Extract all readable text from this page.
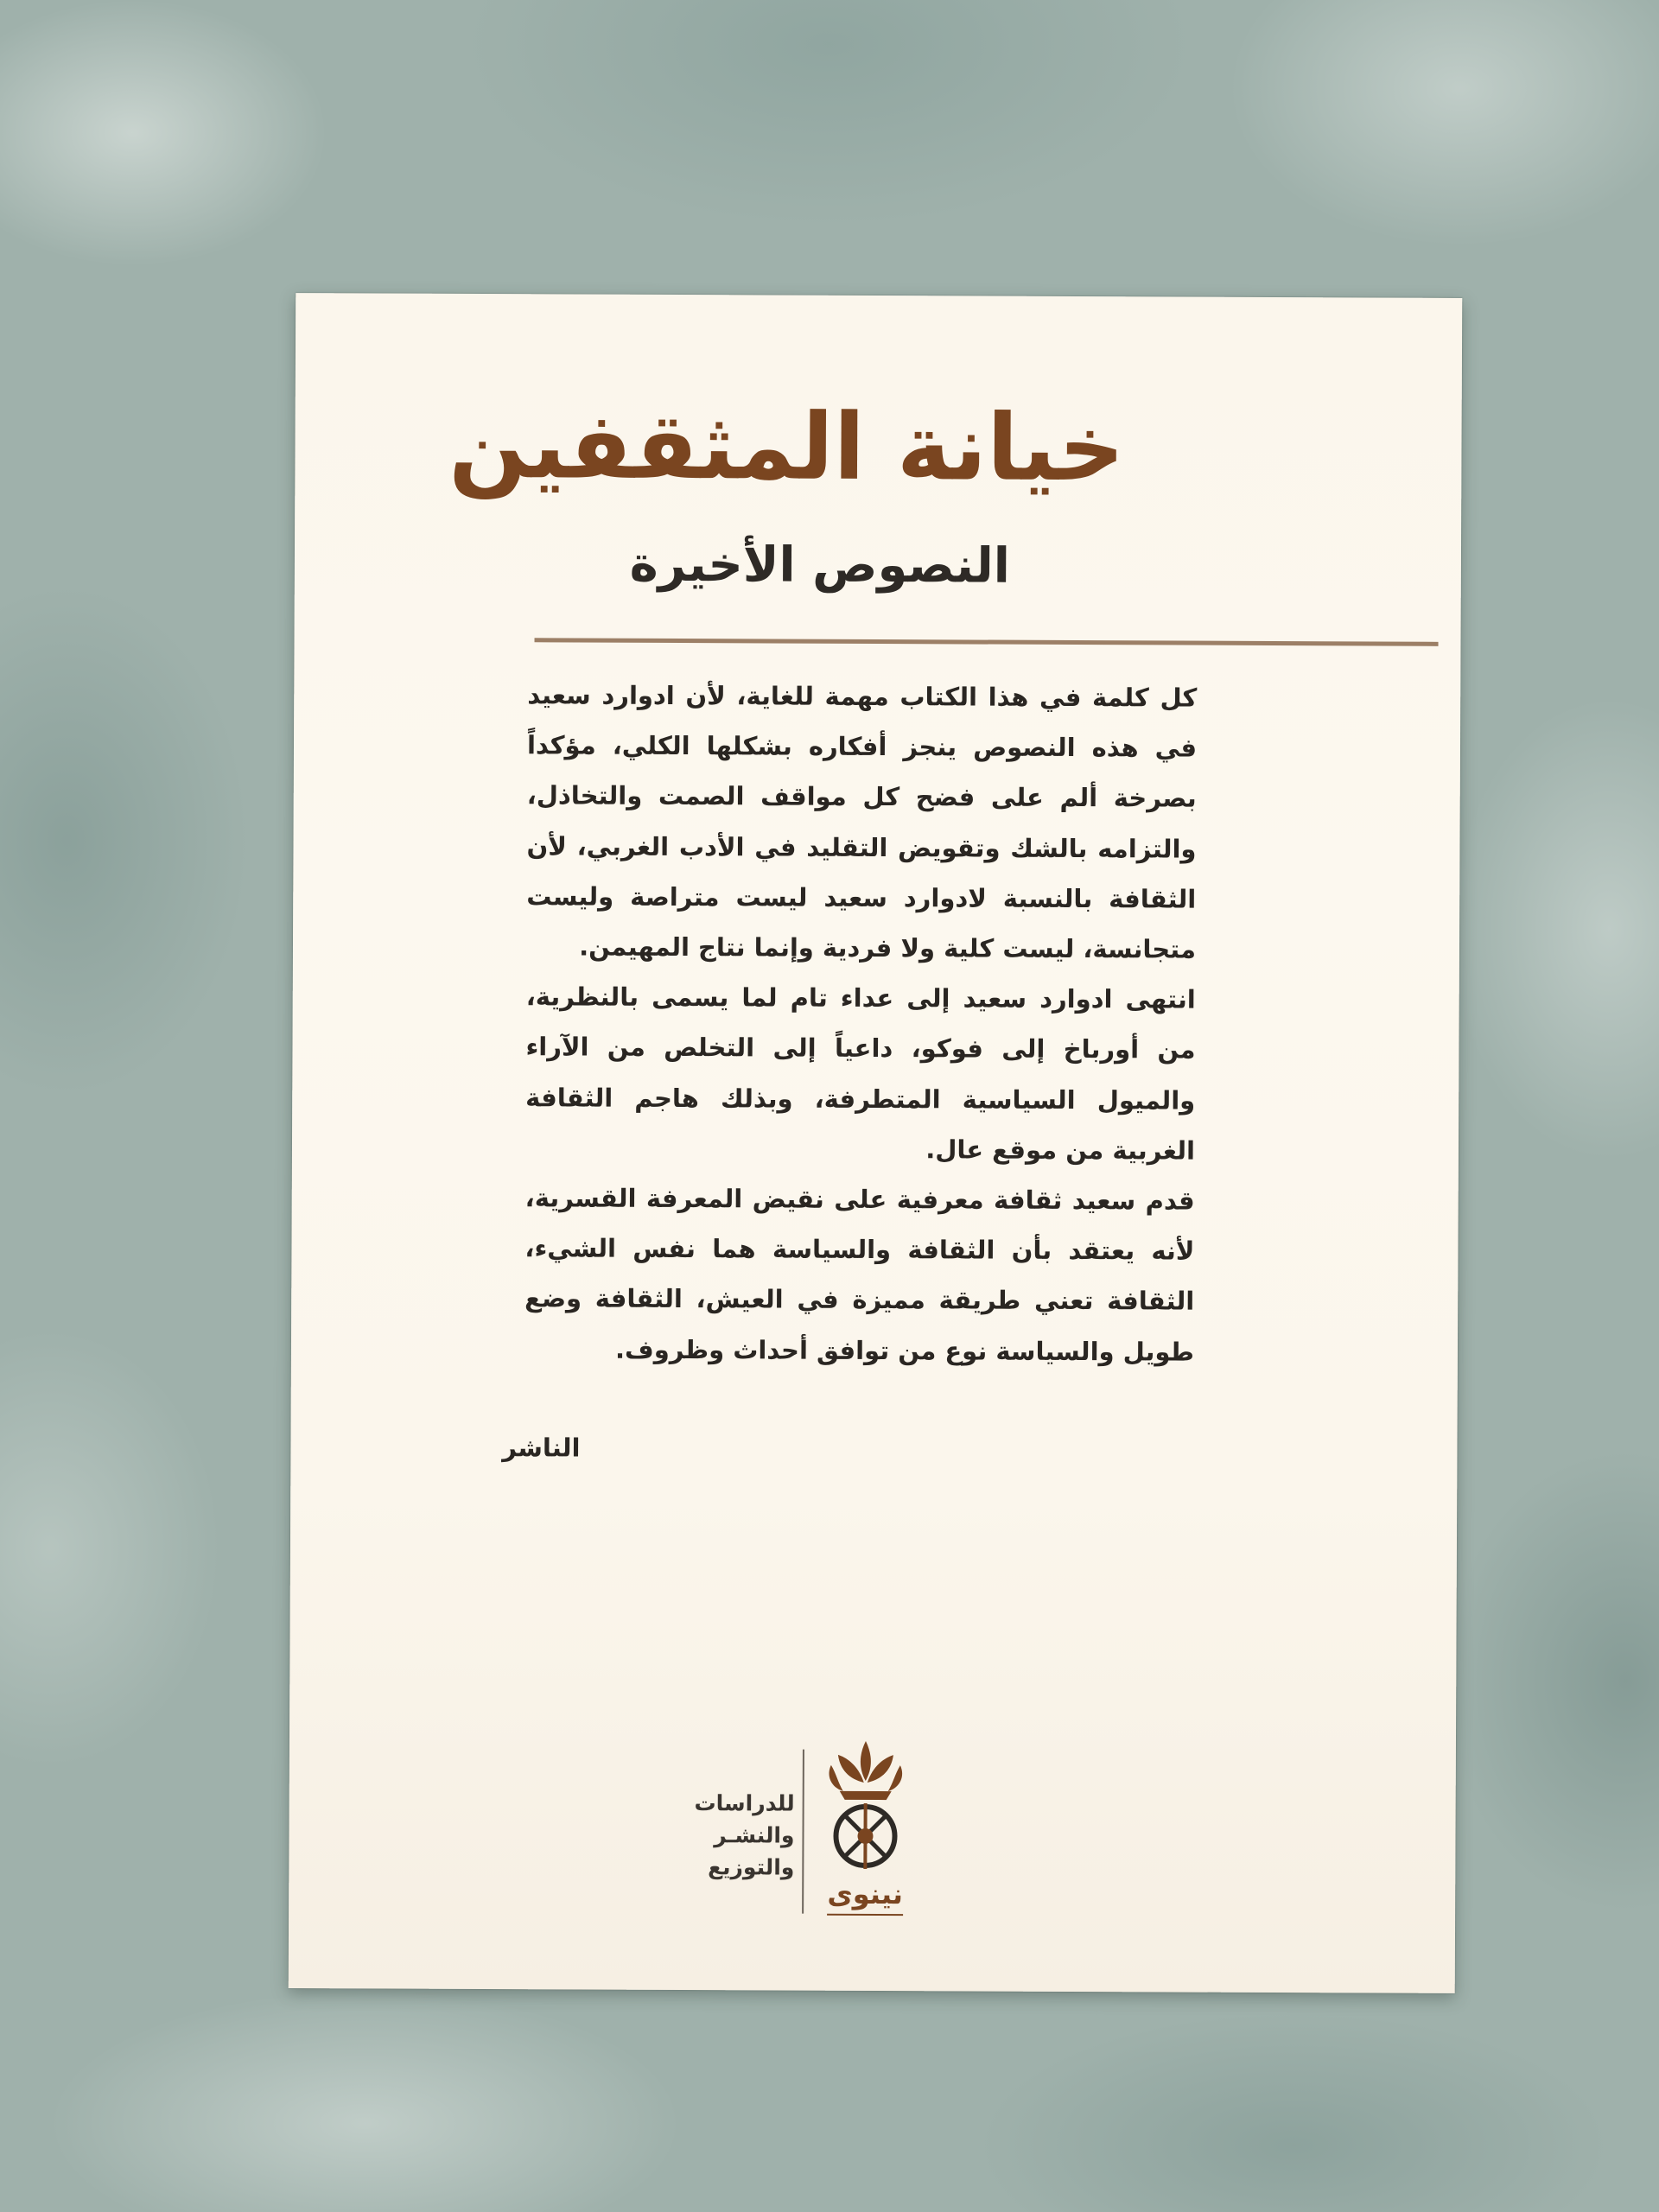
خيانة المثقفين
النصوص الأخيرة

كل كلمة في هذا الكتاب مهمة للغاية، لأن ادوارد سعيد في هذه النصوص ينجز أفكاره بشكلها الكلي، مؤكداً بصرخة ألم على فضح كل مواقف الصمت والتخاذل، والتزامه بالشك وتقويض التقليد في الأدب الغربي، لأن الثقافة بالنسبة لادوارد سعيد ليست متراصة وليست متجانسة، ليست كلية ولا فردية وإنما نتاج المهيمن.

انتهى ادوارد سعيد إلى عداء تام لما يسمى بالنظرية، من أورباخ إلى فوكو، داعياً إلى التخلص من الآراء والميول السياسية المتطرفة، وبذلك هاجم الثقافة الغربية من موقع عال.

قدم سعيد ثقافة معرفية على نقيض المعرفة القسرية، لأنه يعتقد بأن الثقافة والسياسة هما نفس الشيء، الثقافة تعني طريقة مميزة في العيش، الثقافة وضع طويل والسياسة نوع من توافق أحداث وظروف.

الناشر
للدراسات
والنشـر
والتوزيع
نينوى
